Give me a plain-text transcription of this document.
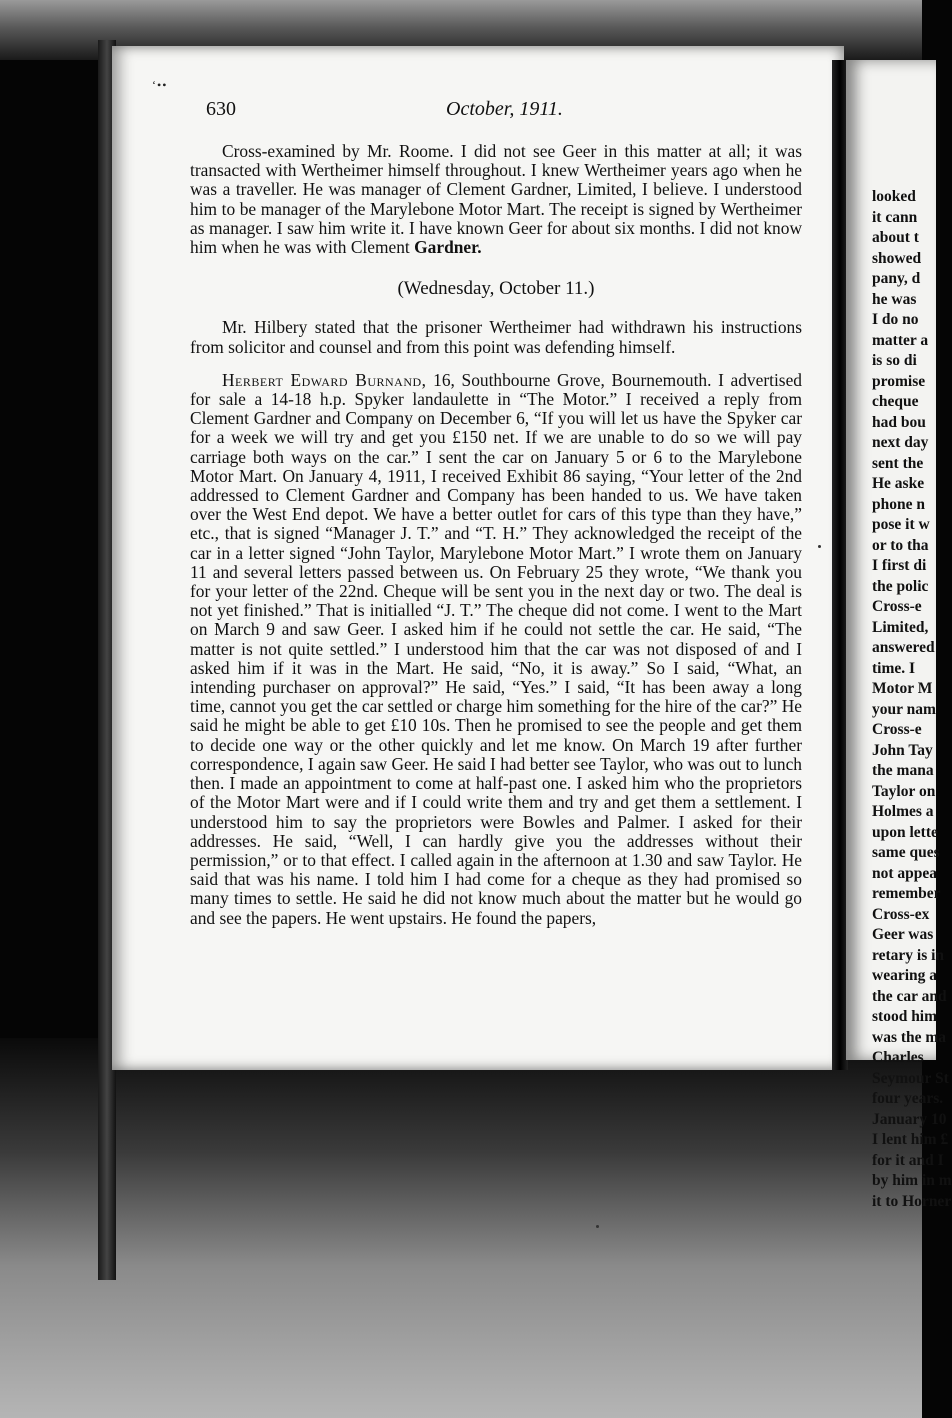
‘••
630	October, 1911.

Cross-examined by Mr. Roome. I did not see Geer in this matter at all; it was transacted with Wertheimer himself throughout. I knew Wertheimer years ago when he was a traveller. He was manager of Clement Gardner, Limited, I believe. I understood him to be manager of the Marylebone Motor Mart. The receipt is signed by Wertheimer as manager. I saw him write it. I have known Geer for about six months. I did not know him when he was with Clement Gardner.

(Wednesday, October 11.)

Mr. Hilbery stated that the prisoner Wertheimer had withdrawn his instructions from solicitor and counsel and from this point was defending himself.

Herbert Edward Burnand, 16, Southbourne Grove, Bournemouth. I advertised for sale a 14-18 h.p. Spyker landaulette in “The Motor.” I received a reply from Clement Gardner and Company on December 6, “If you will let us have the Spyker car for a week we will try and get you £150 net. If we are unable to do so we will pay carriage both ways on the car.” I sent the car on January 5 or 6 to the Marylebone Motor Mart. On January 4, 1911, I received Exhibit 86 saying, “Your letter of the 2nd addressed to Clement Gardner and Company has been handed to us. We have taken over the West End depot. We have a better outlet for cars of this type than they have,” etc., that is signed “Manager J. T.” and “T. H.” They acknowledged the receipt of the car in a letter signed “John Taylor, Marylebone Motor Mart.” I wrote them on January 11 and several letters passed between us. On February 25 they wrote, “We thank you for your letter of the 22nd. Cheque will be sent you in the next day or two. The deal is not yet finished.” That is initialled “J. T.” The cheque did not come. I went to the Mart on March 9 and saw Geer. I asked him if he could not settle the car. He said, “The matter is not quite settled.” I understood him that the car was not disposed of and I asked him if it was in the Mart. He said, “No, it is away.” So I said, “What, an intending purchaser on approval?” He said, “Yes.” I said, “It has been away a long time, cannot you get the car settled or charge him something for the hire of the car?” He said he might be able to get £10 10s. Then he promised to see the people and get them to decide one way or the other quickly and let me know. On March 19 after further correspondence, I again saw Geer. He said I had better see Taylor, who was out to lunch then. I made an appointment to come at half-past one. I asked him who the proprietors of the Motor Mart were and if I could write them and try and get them a settlement. I understood him to say the proprietors were Bowles and Palmer. I asked for their addresses. He said, “Well, I can hardly give you the addresses without their permission,” or to that effect. I called again in the afternoon at 1.30 and saw Taylor. He said that was his name. I told him I had come for a cheque as they had promised so many times to settle. He said he did not know much about the matter but he would go and see the papers. He went upstairs. He found the papers,

looked
it cann
about t
showed
pany, d
he was
I do no
matter a
is so di
promise
cheque
had bou
next day
sent the
He aske
phone n
pose it w
or to tha
I first di
the polic
Cross-e
Limited,
answered
time. I
Motor M
your nam
Cross-e
John Tay
the mana
Taylor on
Holmes a
upon lette
same ques
not appea
remember
Cross-ex
Geer was
retary is in
wearing a
the car and
stood him
was the ma
Charles
Seymour St
four years.
January 10
I lent him £
for it and I
by him in m
it to Horner
